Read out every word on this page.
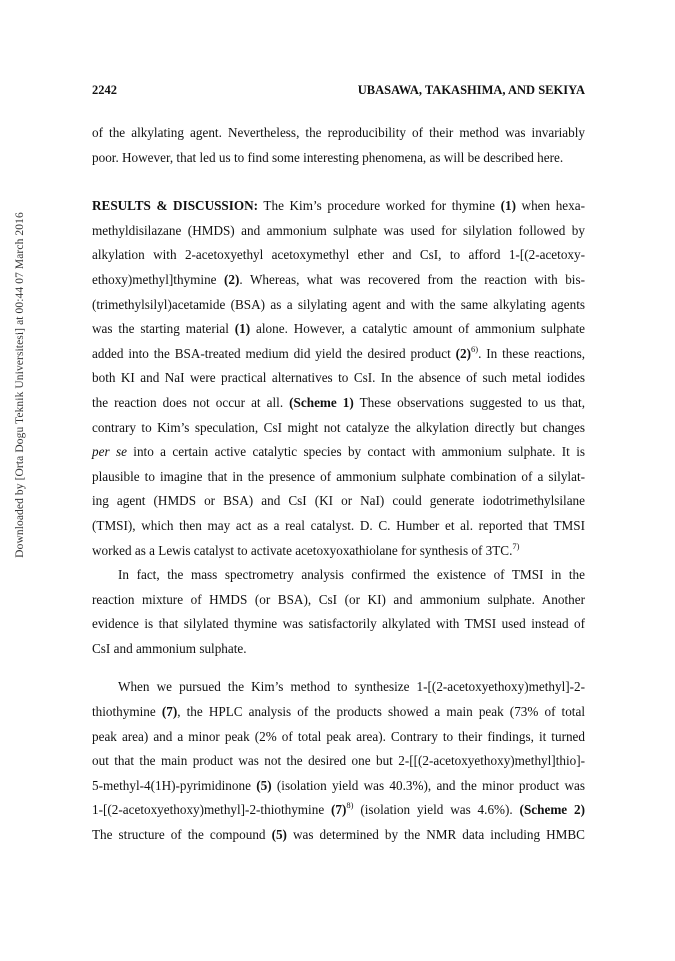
Downloaded by [Orta Dogu Teknik Universitesi] at 00:44 07 March 2016
2242	UBASAWA, TAKASHIMA, AND SEKIYA

of the alkylating agent. Nevertheless, the reproducibility of their method was invariably
poor. However, that led us to find some interesting phenomena, as will be described here.

RESULTS & DISCUSSION: The Kim’s procedure worked for thymine (1) when hexa-
methyldisilazane (HMDS) and ammonium sulphate was used for silylation followed by
alkylation with 2-acetoxyethyl acetoxymethyl ether and CsI, to afford 1-[(2-acetoxy-
ethoxy)methyl]thymine (2). Whereas, what was recovered from the reaction with bis-
(trimethylsilyl)acetamide (BSA) as a silylating agent and with the same alkylating agents
was the starting material (1) alone. However, a catalytic amount of ammonium sulphate
added into the BSA-treated medium did yield the desired product $(2)^{6)}$. In these reactions,
both KI and NaI were practical alternatives to CsI. In the absence of such metal iodides
the reaction does not occur at all. (Scheme 1) These observations suggested to us that,
contrary to Kim’s speculation, CsI might not catalyze the alkylation directly but changes
per se into a certain active catalytic species by contact with ammonium sulphate. It is
plausible to imagine that in the presence of ammonium sulphate combination of a silylat-
ing agent (HMDS or BSA) and CsI (KI or NaI) could generate iodotrimethylsilane
(TMSI), which then may act as a real catalyst. D. C. Humber et al. reported that TMSI
worked as a Lewis catalyst to activate acetoxyoxathiolane for synthesis of 3TC.$^{7)}$

In fact, the mass spectrometry analysis confirmed the existence of TMSI in the
reaction mixture of HMDS (or BSA), CsI (or KI) and ammonium sulphate. Another
evidence is that silylated thymine was satisfactorily alkylated with TMSI used instead of
CsI and ammonium sulphate.

When we pursued the Kim’s method to synthesize 1-[(2-acetoxyethoxy)methyl]-2-
thiothymine (7), the HPLC analysis of the products showed a main peak (73% of total
peak area) and a minor peak (2% of total peak area). Contrary to their findings, it turned
out that the main product was not the desired one but 2-[[(2-acetoxyethoxy)methyl]thio]-
5-methyl-4(1H)-pyrimidinone (5) (isolation yield was 40.3%), and the minor product was
1-[(2-acetoxyethoxy)methyl]-2-thiothymine $(7)^{8)}$ (isolation yield was 4.6%). (Scheme 2)
The structure of the compound (5) was determined by the NMR data including HMBC
